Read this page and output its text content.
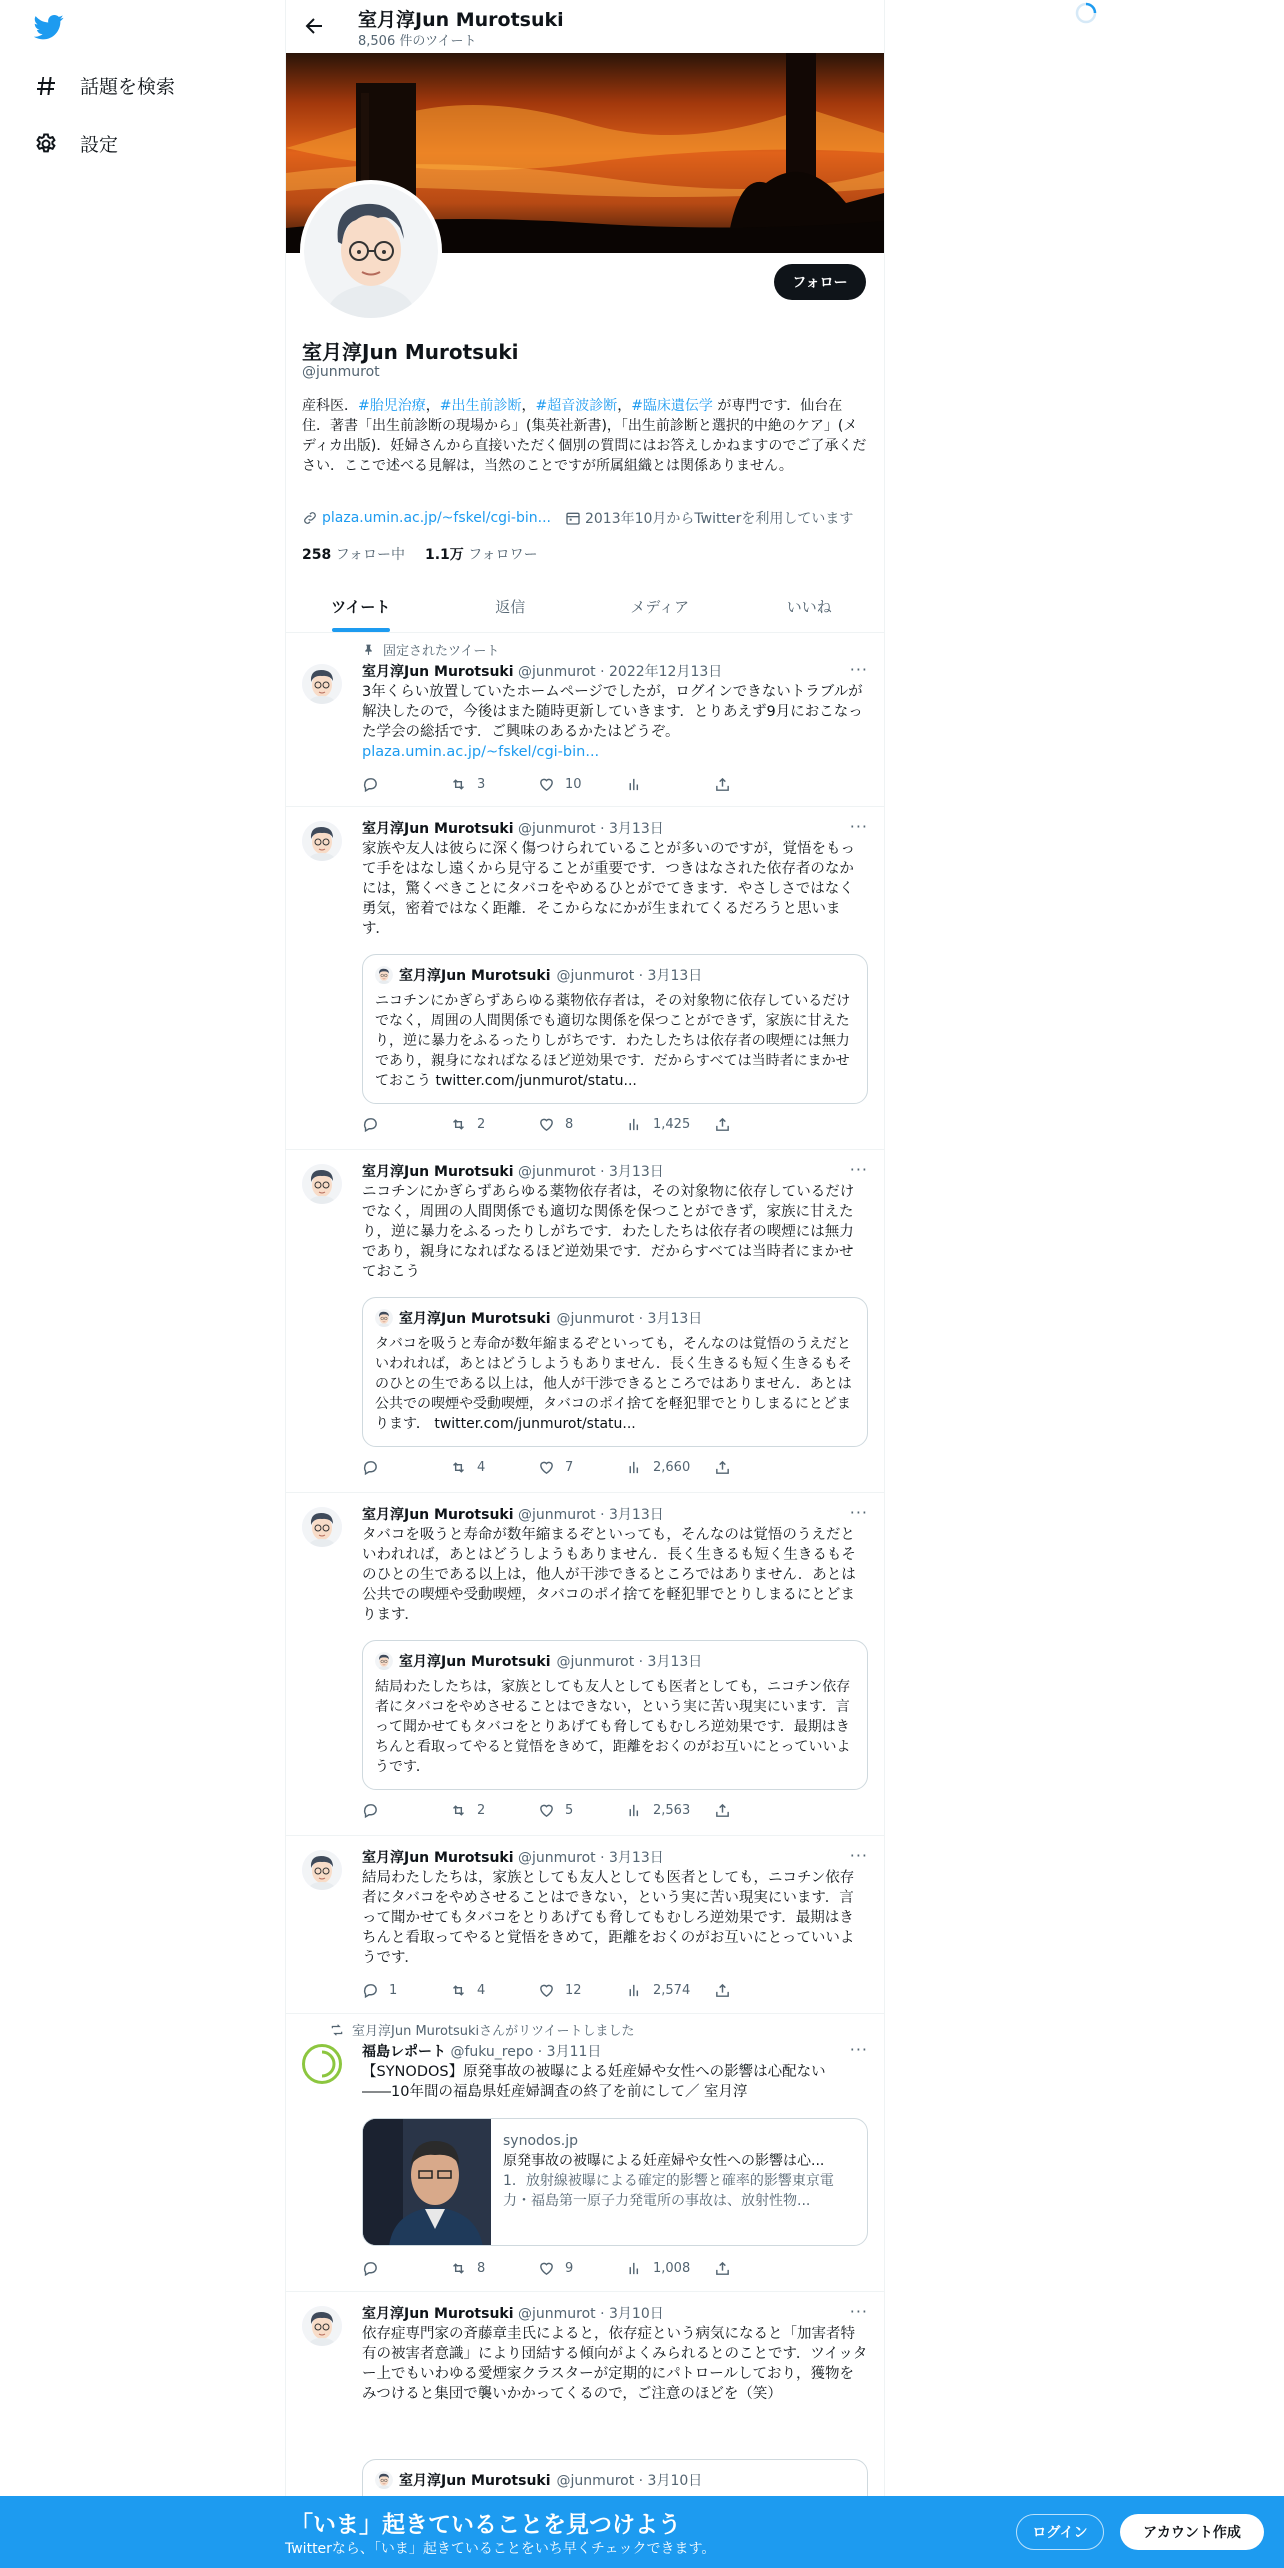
話題を検索
設定
室月淳Jun Murotsuki
8,506 件のツイート
フォロー
室月淳Jun Murotsuki
@junmurot
産科医．#胎児治療，#出生前診断，#超音波診断，#臨床遺伝学 が専門です．仙台在住．著書「出生前診断の現場から」(集英社新書)，「出生前診断と選択的中絶のケア」(メディカ出版)．妊婦さんから直接いただく個別の質問にはお答えしかねますのでご了承ください．ここで述べる見解は，当然のことですが所属組織とは関係ありません。
plaza.umin.ac.jp/~fskel/cgi-bin... 2013年10月からTwitterを利用しています
258 フォロー中 1.1万 フォロワー
ツイート	返信	メディア	いいね
固定されたツイート
室月淳Jun Murotsuki @junmurot · 2022年12月13日	···
3年くらい放置していたホームページでしたが，ログインできないトラブルが解決したので，今後はまた随時更新していきます．とりあえず9月におこなった学会の総括です．ご興味のあるかたはどうぞ。
plaza.umin.ac.jp/~fskel/cgi-bin...
3	10
室月淳Jun Murotsuki @junmurot · 3月13日	···
家族や友人は彼らに深く傷つけられていることが多いのですが，覚悟をもって手をはなし遠くから見守ることが重要です．つきはなされた依存者のなかには，驚くべきことにタバコをやめるひとがでてきます．やさしさではなく勇気，密着ではなく距離．そこからなにかが生まれてくるだろうと思います．
室月淳Jun Murotsuki @junmurot · 3月13日
ニコチンにかぎらずあらゆる薬物依存者は，その対象物に依存しているだけでなく，周囲の人間関係でも適切な関係を保つことができず，家族に甘えたり，逆に暴力をふるったりしがちです．わたしたちは依存者の喫煙には無力であり，親身になればなるほど逆効果です．だからすべては当時者にまかせておこう twitter.com/junmurot/statu...
2	8	1,425
室月淳Jun Murotsuki @junmurot · 3月13日	···
ニコチンにかぎらずあらゆる薬物依存者は，その対象物に依存しているだけでなく，周囲の人間関係でも適切な関係を保つことができず，家族に甘えたり，逆に暴力をふるったりしがちです．わたしたちは依存者の喫煙には無力であり，親身になればなるほど逆効果です．だからすべては当時者にまかせておこう
室月淳Jun Murotsuki @junmurot · 3月13日
タバコを吸うと寿命が数年縮まるぞといっても，そんなのは覚悟のうえだといわれれば，あとはどうしようもありません．長く生きるも短く生きるもそのひとの生である以上は，他人が干渉できるところではありません．あとは公共での喫煙や受動喫煙，タバコのポイ捨てを軽犯罪でとりしまるにとどまります． twitter.com/junmurot/statu...
4	7	2,660
室月淳Jun Murotsuki @junmurot · 3月13日	···
タバコを吸うと寿命が数年縮まるぞといっても，そんなのは覚悟のうえだといわれれば，あとはどうしようもありません．長く生きるも短く生きるもそのひとの生である以上は，他人が干渉できるところではありません．あとは公共での喫煙や受動喫煙，タバコのポイ捨てを軽犯罪でとりしまるにとどまります．
室月淳Jun Murotsuki @junmurot · 3月13日
結局わたしたちは，家族としても友人としても医者としても，ニコチン依存者にタバコをやめさせることはできない，という実に苦い現実にいます．言って聞かせてもタバコをとりあげても脅してもむしろ逆効果です．最期はきちんと看取ってやると覚悟をきめて，距離をおくのがお互いにとっていいようです．
2	5	2,563
室月淳Jun Murotsuki @junmurot · 3月13日	···
結局わたしたちは，家族としても友人としても医者としても，ニコチン依存者にタバコをやめさせることはできない，という実に苦い現実にいます．言って聞かせてもタバコをとりあげても脅してもむしろ逆効果です．最期はきちんと看取ってやると覚悟をきめて，距離をおくのがお互いにとっていいようです．
1	4	12	2,574
室月淳Jun Murotsukiさんがリツイートしました
福島レポート @fuku_repo · 3月11日	···
【SYNODOS】原発事故の被曝による妊産婦や女性への影響は心配ない――10年間の福島県妊産婦調査の終了を前にして／ 室月淳
synodos.jp
原発事故の被曝による妊産婦や女性への影響は心...
1．放射線被曝による確定的影響と確率的影響東京電力・福島第一原子力発電所の事故は、放射性物...
8	9	1,008
室月淳Jun Murotsuki @junmurot · 3月10日	···
依存症専門家の斉藤章圭氏によると，依存症という病気になると「加害者特有の被害者意識」により団結する傾向がよくみられるとのことです．ツイッター上でもいわゆる愛煙家クラスターが定期的にパトロールしており，獲物をみつけると集団で襲いかかってくるので，ご注意のほどを（笑）
室月淳Jun Murotsuki @junmurot · 3月10日
「いま」起きていることを見つけよう
Twitterなら、「いま」起きていることをいち早くチェックできます。
ログイン	アカウント作成
